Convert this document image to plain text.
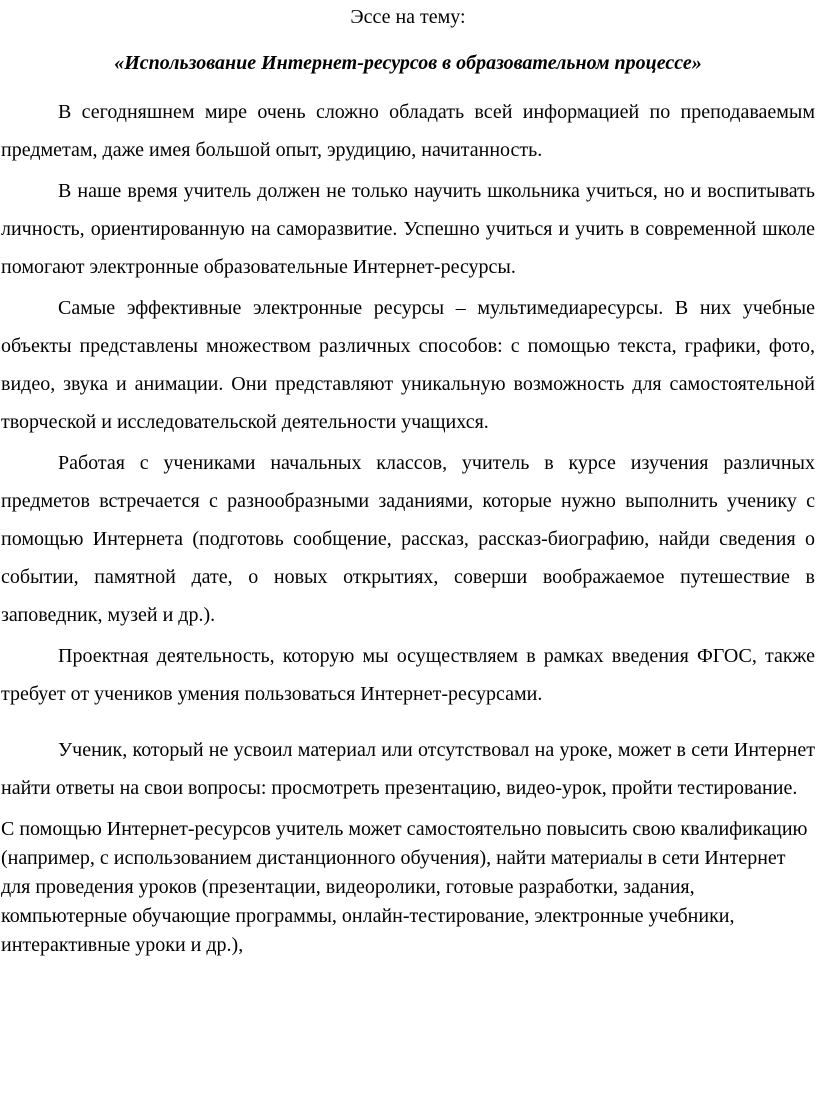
Эссе на тему:

«Использование Интернет-ресурсов в образовательном процессе»

В сегодняшнем мире очень сложно обладать всей информацией по преподаваемым предметам, даже имея большой опыт, эрудицию, начитанность.

В наше время учитель должен не только научить школьника учиться, но и воспитывать личность, ориентированную на саморазвитие. Успешно учиться и учить в современной школе помогают электронные образовательные Интернет-ресурсы.

Самые эффективные электронные ресурсы – мультимедиаресурсы. В них учебные объекты представлены множеством различных способов: с помощью текста, графики, фото, видео, звука и анимации. Они представляют уникальную возможность для самостоятельной творческой и исследовательской деятельности учащихся.

Работая с учениками начальных классов, учитель в курсе изучения различных предметов встречается с разнообразными заданиями, которые нужно выполнить ученику с помощью Интернета (подготовь сообщение, рассказ, рассказ-биографию, найди сведения о событии, памятной дате, о новых открытиях, соверши воображаемое путешествие в заповедник, музей и др.).

Проектная деятельность, которую мы осуществляем в рамках введения ФГОС, также требует от учеников умения пользоваться Интернет-ресурсами.

Ученик, который не усвоил материал или отсутствовал на уроке, может в сети Интернет найти ответы на свои вопросы: просмотреть презентацию, видео-урок, пройти тестирование.

С помощью Интернет-ресурсов учитель может самостоятельно повысить свою квалификацию (например, с использованием дистанционного обучения), найти материалы в сети Интернет для проведения уроков (презентации, видеоролики, готовые разработки, задания, компьютерные обучающие программы, онлайн-тестирование, электронные учебники, интерактивные уроки и др.),
